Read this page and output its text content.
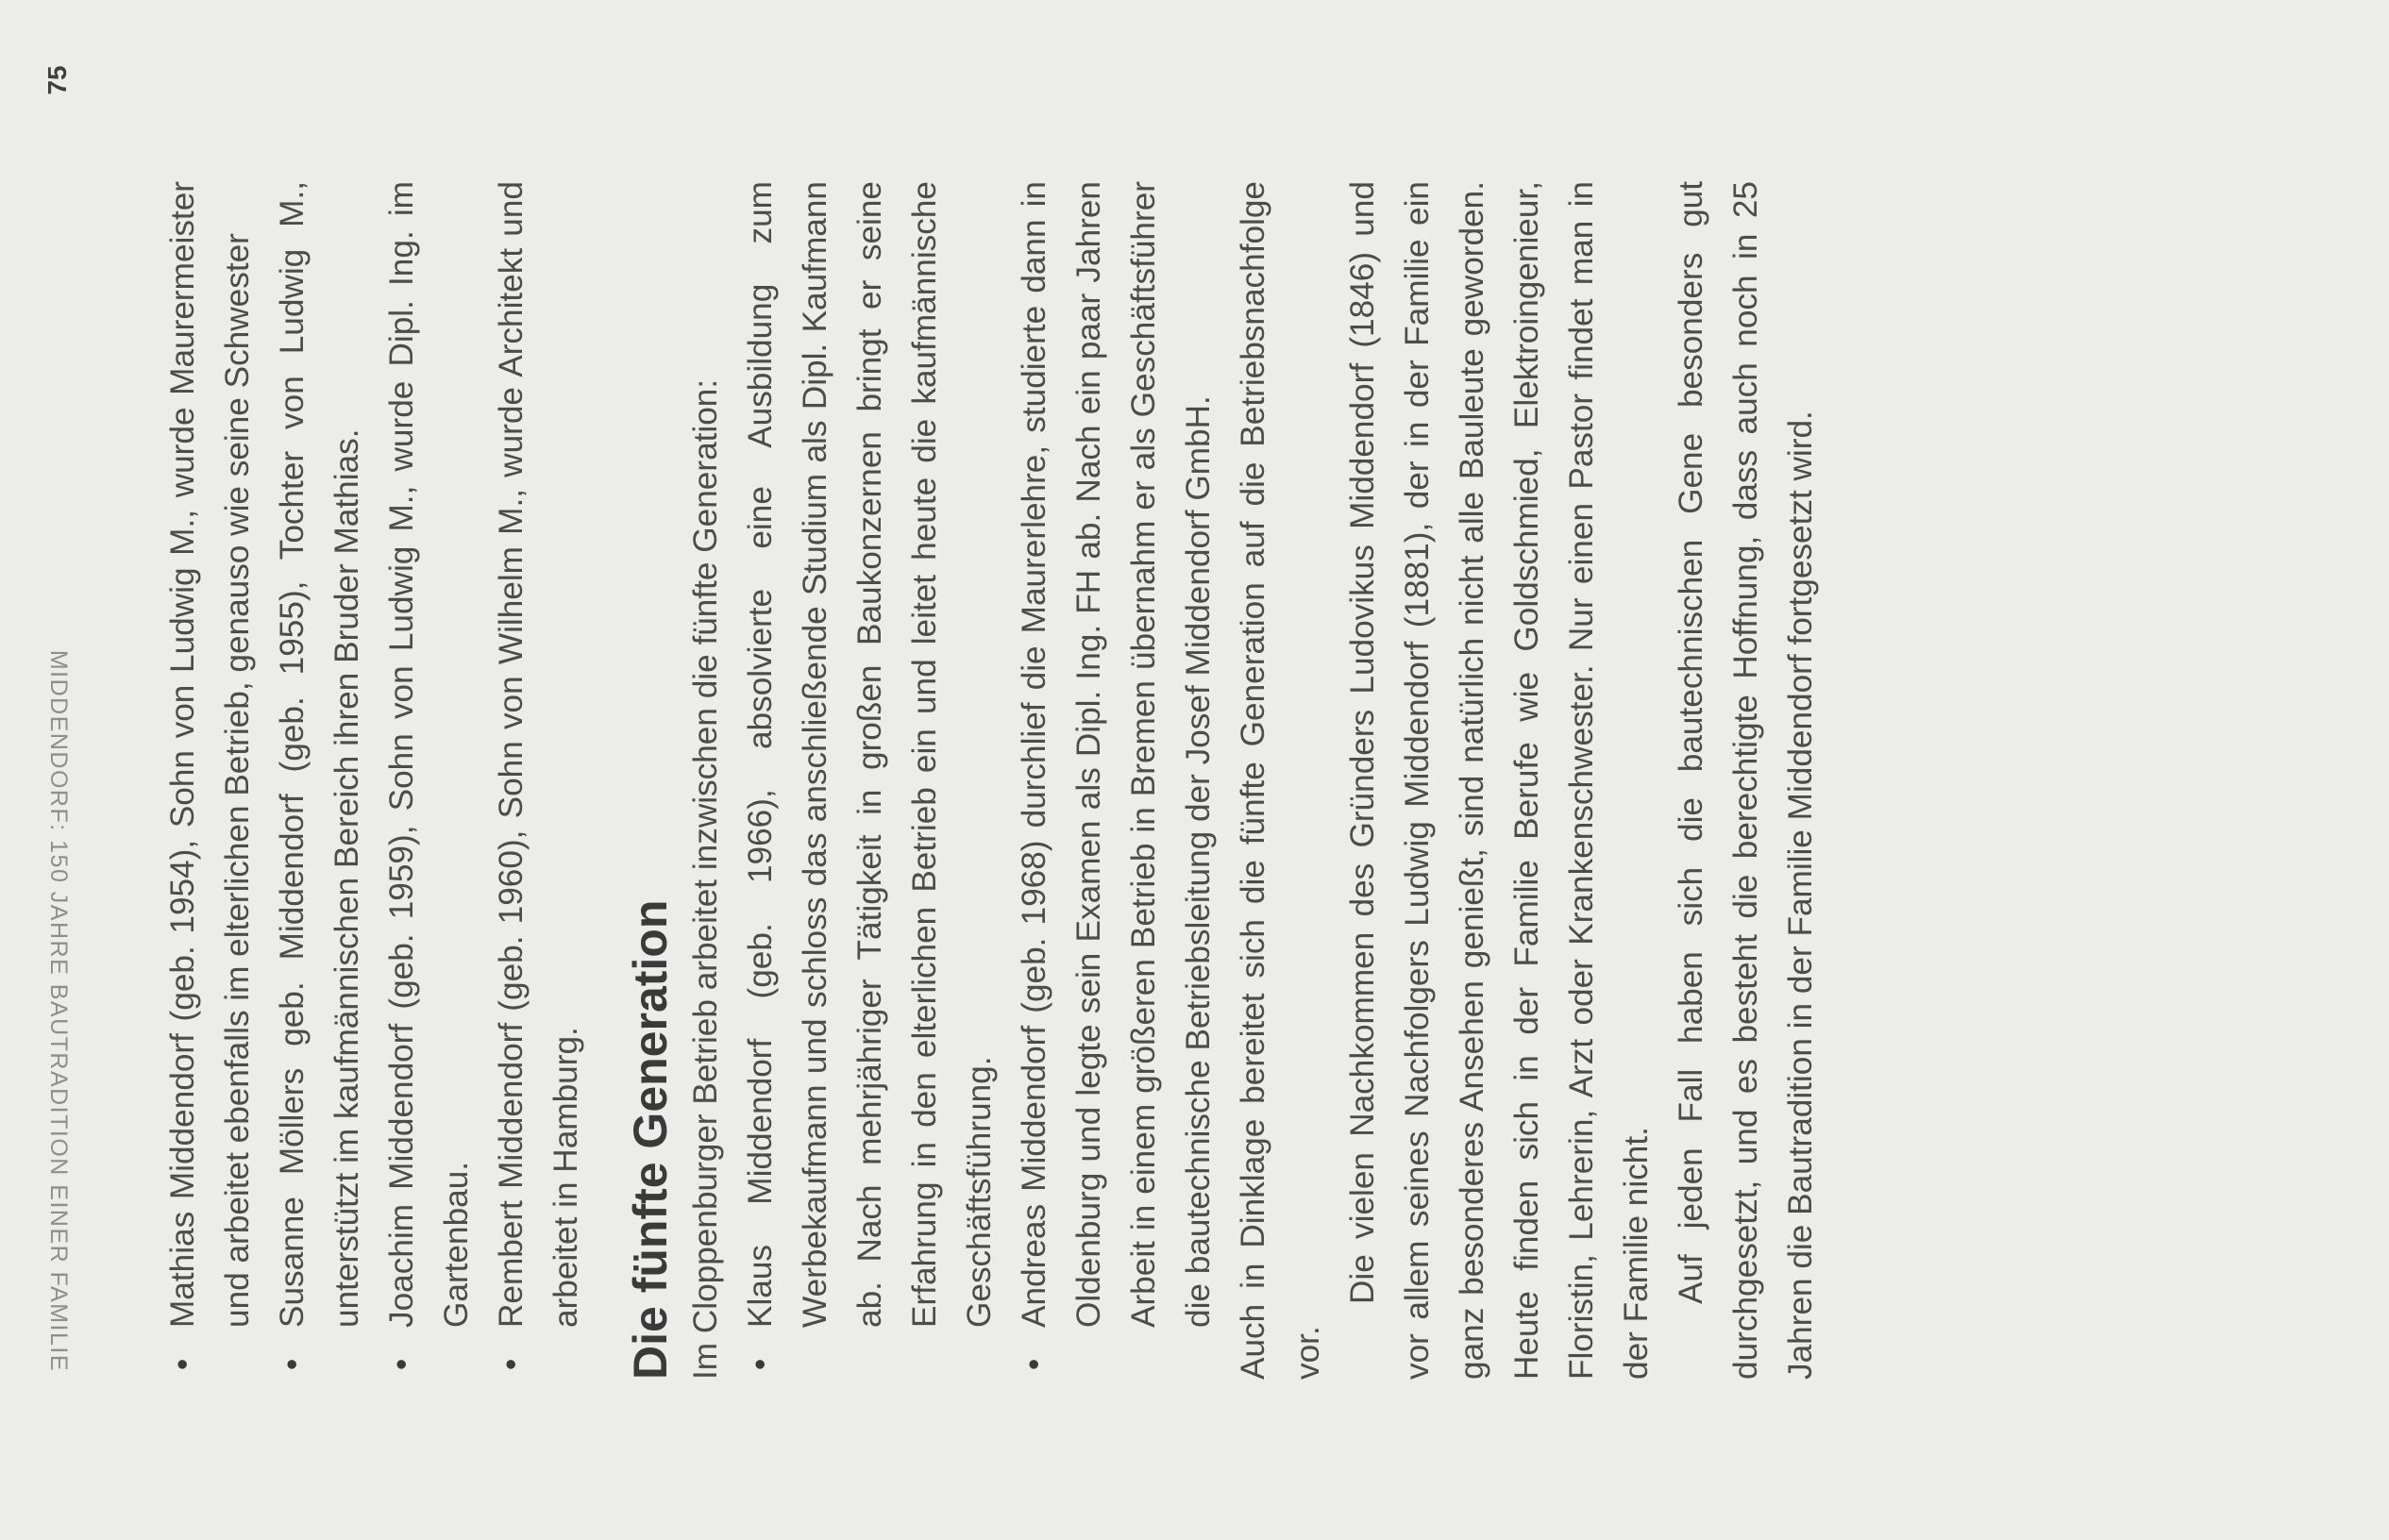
MIDDENDORF: 150 JAHRE BAUTRADITION EINER FAMILIE
75
• Mathias Middendorf (geb. 1954), Sohn von Ludwig M., wurde Maurermeister und arbeitet ebenfalls im elterlichen Betrieb, genauso wie seine Schwester • Susanne Möllers geb. Middendorf (geb. 1955), Tochter von Ludwig M., unterstützt im kaufmännischen Bereich ihren Bruder Mathias. • Joachim Middendorf (geb. 1959), Sohn von Ludwig M., wurde Dipl. Ing. im Gartenbau. • Rembert Middendorf (geb. 1960), Sohn von Wilhelm M., wurde Architekt und arbeitet in Hamburg. Die fünfte Generation Im Cloppenburger Betrieb arbeitet inzwischen die fünfte Generation: • Klaus Middendorf (geb. 1966), absolvierte eine Ausbildung zum Werbekaufmann und schloss das anschließende Studium als Dipl. Kaufmann ab. Nach mehrjähriger Tätigkeit in großen Baukonzernen bringt er seine Erfahrung in den elterlichen Betrieb ein und leitet heute die kaufmännische Geschäftsführung. • Andreas Middendorf (geb. 1968) durchlief die Maurerlehre, studierte dann in Oldenburg und legte sein Examen als Dipl. Ing. FH ab. Nach ein paar Jahren Arbeit in einem größeren Betrieb in Bremen übernahm er als Geschäftsführer die bautechnische Betriebsleitung der Josef Middendorf GmbH. Auch in Dinklage bereitet sich die fünfte Generation auf die Betriebsnachfolge vor.

Die vielen Nachkommen des Gründers Ludovikus Middendorf (1846) und vor allem seines Nachfolgers Ludwig Middendorf (1881), der in der Familie ein ganz besonderes Ansehen genießt, sind natürlich nicht alle Bauleute geworden. Heute finden sich in der Familie Berufe wie Goldschmied, Elektroingenieur, Floristin, Lehrerin, Arzt oder Krankenschwester. Nur einen Pastor findet man in der Familie nicht. Auf jeden Fall haben sich die bautechnischen Gene besonders gut durchgesetzt, und es besteht die berechtigte Hoffnung, dass auch noch in 25 Jahren die Bautradition in der Familie Middendorf fortgesetzt wird.
